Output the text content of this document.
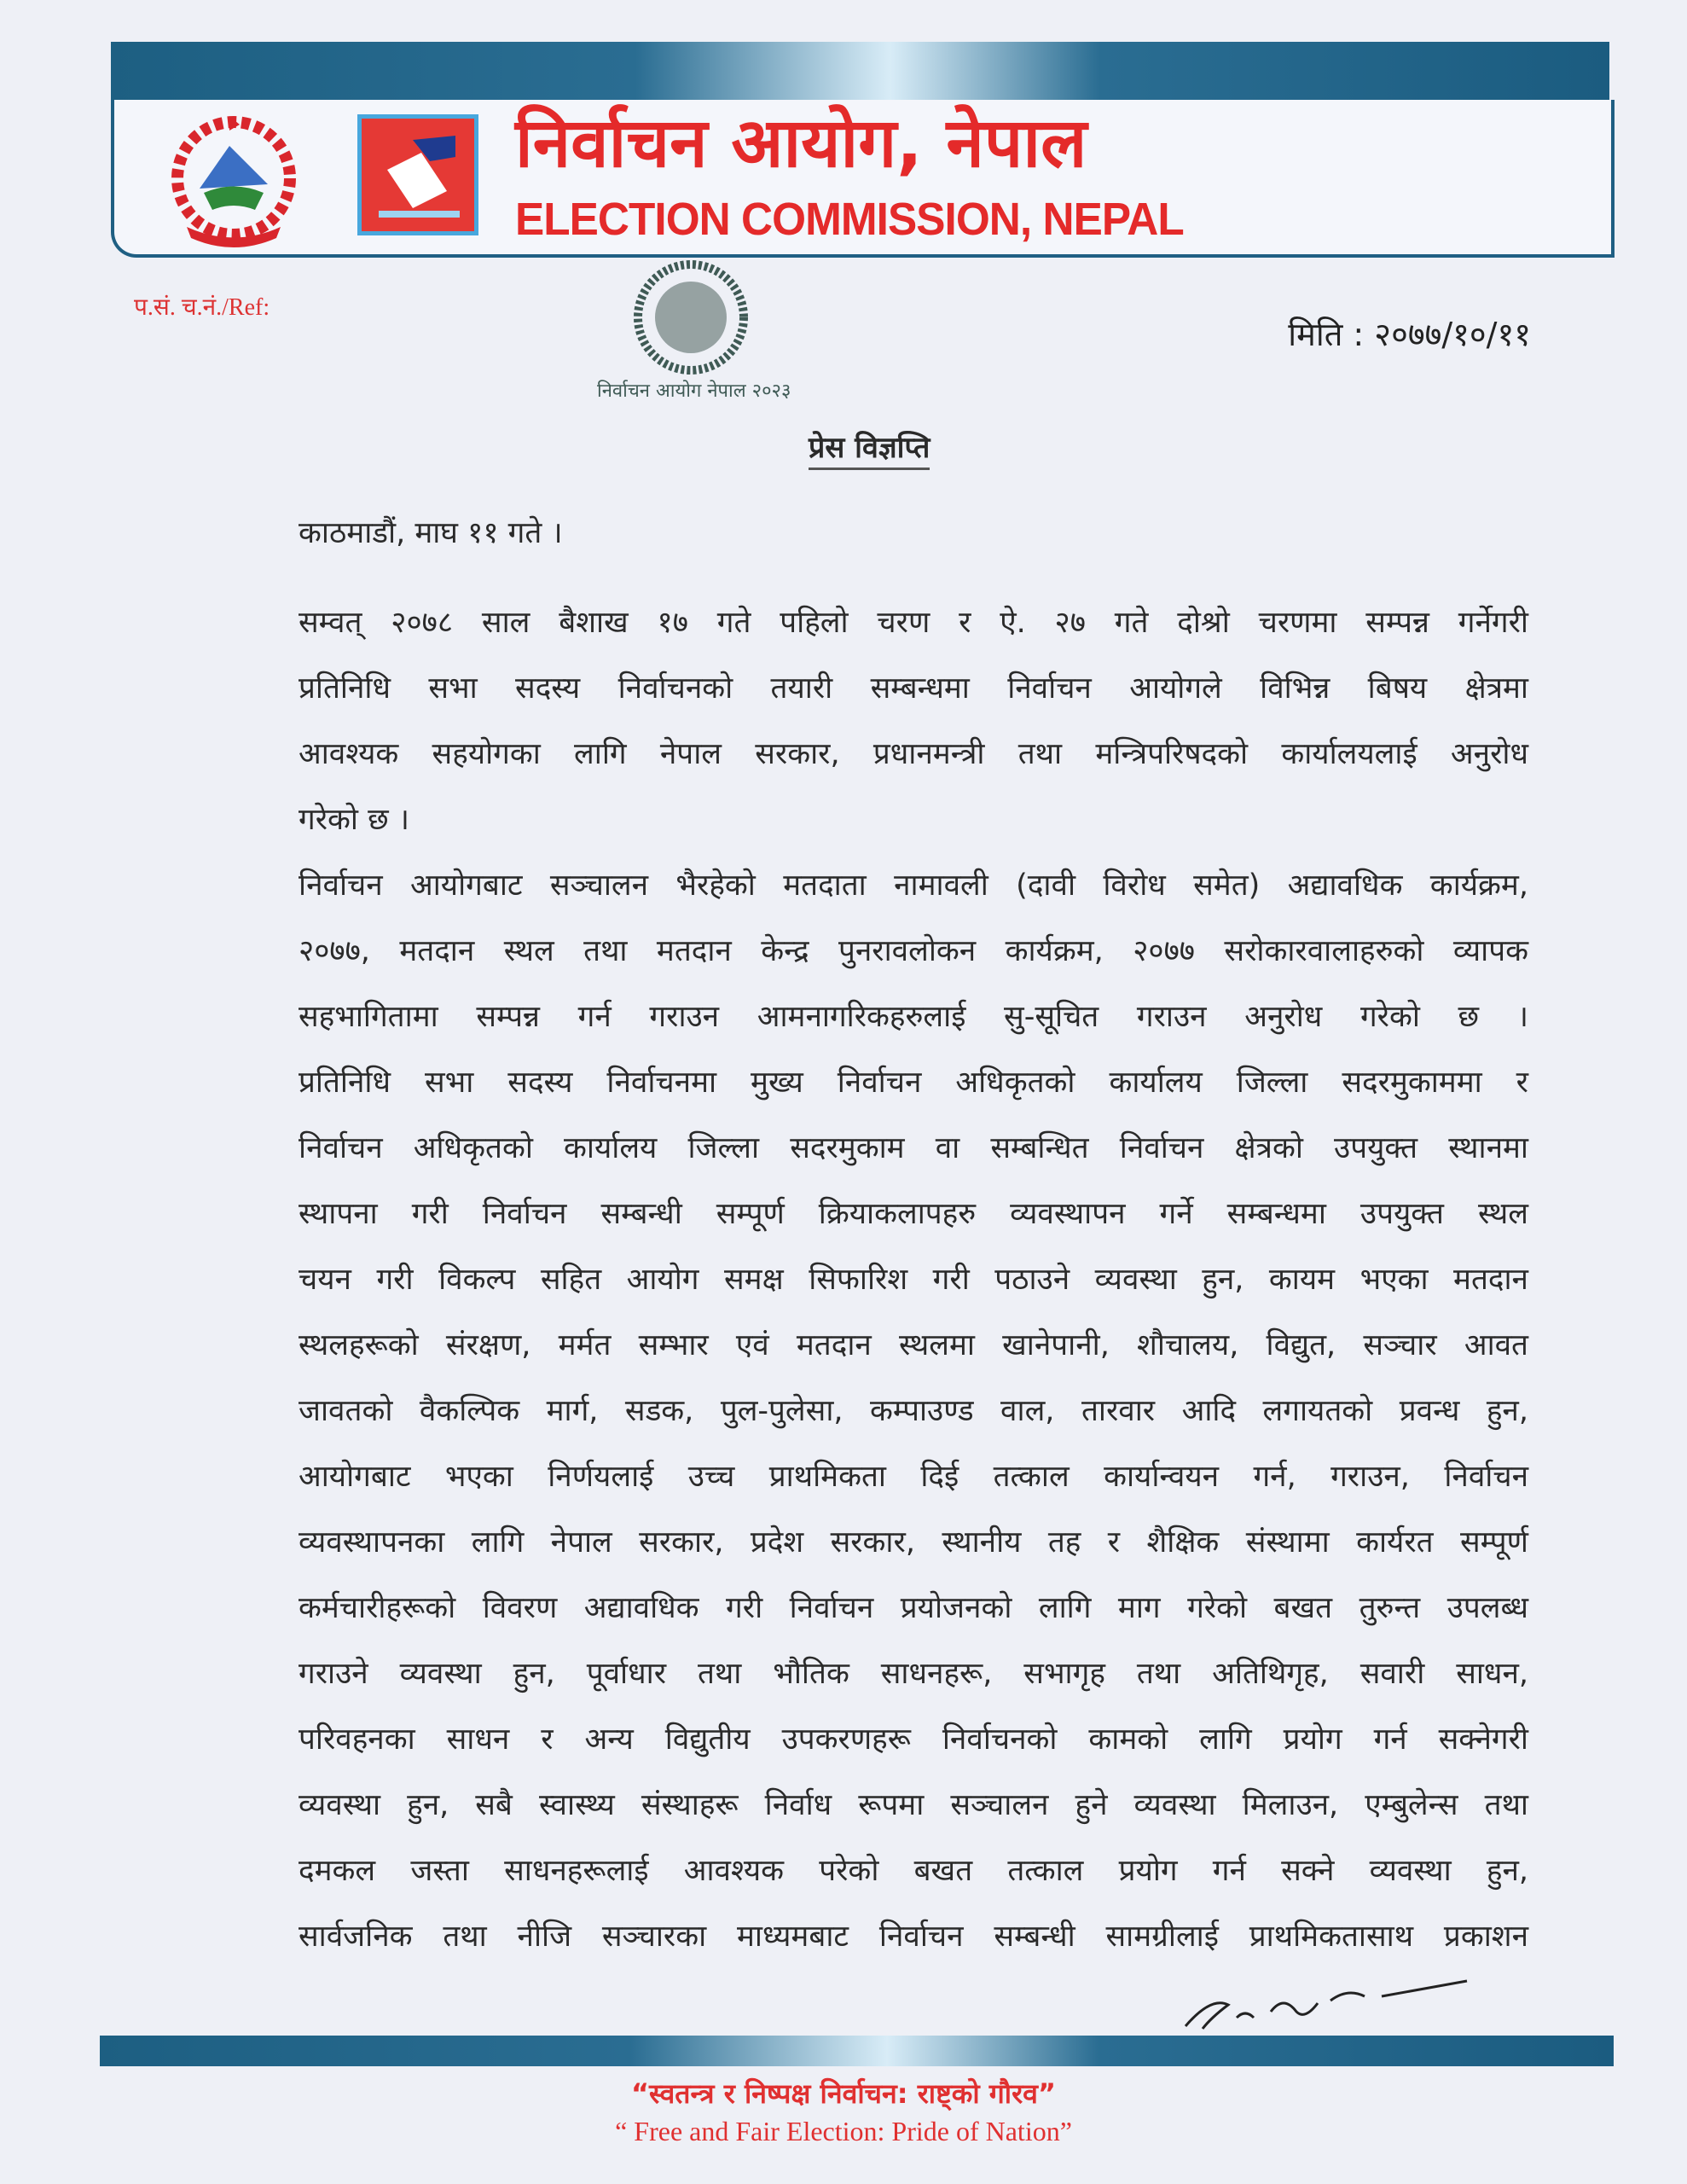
निर्वाचन आयोग, नेपाल
ELECTION COMMISSION, NEPAL
प.सं. च.नं./Ref:
मिति : २०७७/१०/११
निर्वाचन आयोग नेपाल २०२३
प्रेस विज्ञप्ति
काठमाडौं, माघ ११ गते ।
सम्वत् २०७८ साल बैशाख १७ गते पहिलो चरण र ऐ. २७ गते दोश्रो चरणमा सम्पन्न गर्नेगरी
प्रतिनिधि सभा सदस्य निर्वाचनको तयारी सम्बन्धमा निर्वाचन आयोगले विभिन्न बिषय क्षेत्रमा
आवश्यक सहयोगका लागि नेपाल सरकार, प्रधानमन्त्री तथा मन्त्रिपरिषदको कार्यालयलाई अनुरोध
गरेको छ ।
निर्वाचन आयोगबाट सञ्चालन भैरहेको मतदाता नामावली (दावी विरोध समेत) अद्यावधिक कार्यक्रम,
२०७७, मतदान स्थल तथा मतदान केन्द्र पुनरावलोकन कार्यक्रम, २०७७ सरोकारवालाहरुको व्यापक
सहभागितामा सम्पन्न गर्न गराउन आमनागरिकहरुलाई सु-सूचित गराउन अनुरोध गरेको छ ।
प्रतिनिधि सभा सदस्य निर्वाचनमा मुख्य निर्वाचन अधिकृतको कार्यालय जिल्ला सदरमुकाममा र
निर्वाचन अधिकृतको कार्यालय जिल्ला सदरमुकाम वा सम्बन्धित निर्वाचन क्षेत्रको उपयुक्त स्थानमा
स्थापना गरी निर्वाचन सम्बन्धी सम्पूर्ण क्रियाकलापहरु व्यवस्थापन गर्ने सम्बन्धमा उपयुक्त स्थल
चयन गरी विकल्प सहित आयोग समक्ष सिफारिश गरी पठाउने व्यवस्था हुन, कायम भएका मतदान
स्थलहरूको संरक्षण, मर्मत सम्भार एवं मतदान स्थलमा खानेपानी, शौचालय, विद्युत, सञ्चार आवत
जावतको वैकल्पिक मार्ग, सडक, पुल-पुलेसा, कम्पाउण्ड वाल, तारवार आदि लगायतको प्रवन्ध हुन,
आयोगबाट भएका निर्णयलाई उच्च प्राथमिकता दिई तत्काल कार्यान्वयन गर्न, गराउन, निर्वाचन
व्यवस्थापनका लागि नेपाल सरकार, प्रदेश सरकार, स्थानीय तह र शैक्षिक संस्थामा कार्यरत सम्पूर्ण
कर्मचारीहरूको विवरण अद्यावधिक गरी निर्वाचन प्रयोजनको लागि माग गरेको बखत तुरुन्त उपलब्ध
गराउने व्यवस्था हुन, पूर्वाधार तथा भौतिक साधनहरू, सभागृह तथा अतिथिगृह, सवारी साधन,
परिवहनका साधन र अन्य विद्युतीय उपकरणहरू निर्वाचनको कामको लागि प्रयोग गर्न सक्नेगरी
व्यवस्था हुन, सबै स्वास्थ्य संस्थाहरू निर्वाध रूपमा सञ्चालन हुने व्यवस्था मिलाउन, एम्बुलेन्स तथा
दमकल जस्ता साधनहरूलाई आवश्यक परेको बखत तत्काल प्रयोग गर्न सक्ने व्यवस्था हुन,
सार्वजनिक तथा नीजि सञ्चारका माध्यमबाट निर्वाचन सम्बन्धी सामग्रीलाई प्राथमिकतासाथ प्रकाशन
“स्वतन्त्र र निष्पक्ष निर्वाचन: राष्ट्को गौरव”
“ Free and Fair Election: Pride of Nation”
